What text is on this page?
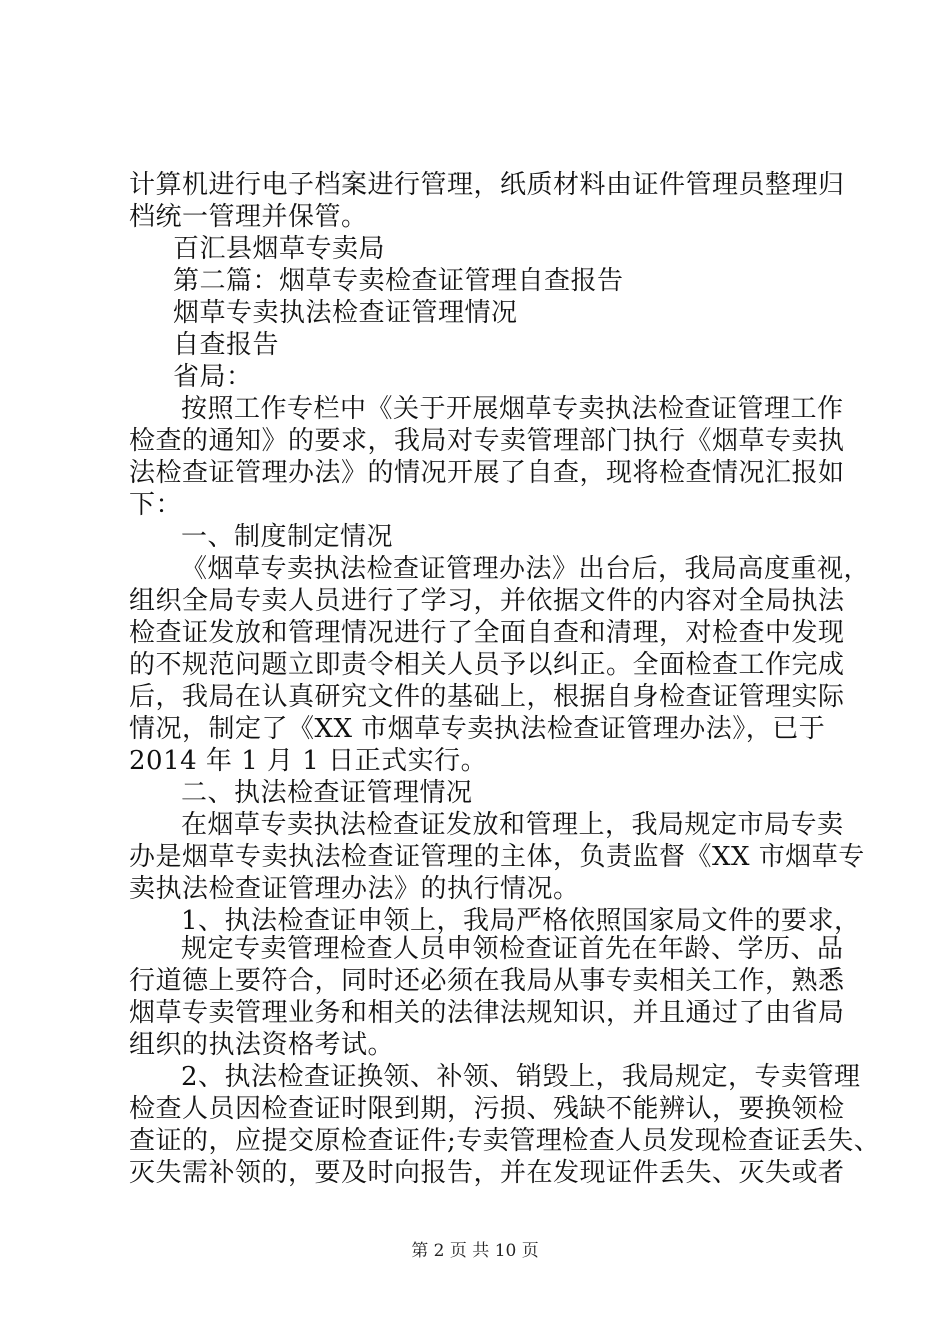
计算机进行电子档案进行管理，纸质材料由证件管理员整理归
档统一管理并保管。
百汇县烟草专卖局
第二篇：烟草专卖检查证管理自查报告
烟草专卖执法检查证管理情况
自查报告
省局：
按照工作专栏中《关于开展烟草专卖执法检查证管理工作
检查的通知》的要求，我局对专卖管理部门执行《烟草专卖执
法检查证管理办法》的情况开展了自查，现将检查情况汇报如
下：
一、制度制定情况
《烟草专卖执法检查证管理办法》出台后，我局高度重视，
组织全局专卖人员进行了学习，并依据文件的内容对全局执法
检查证发放和管理情况进行了全面自查和清理，对检查中发现
的不规范问题立即责令相关人员予以纠正。全面检查工作完成
后，我局在认真研究文件的基础上，根据自身检查证管理实际
情况，制定了《XX 市烟草专卖执法检查证管理办法》，已于
2014 年 1 月 1 日正式实行。
二、执法检查证管理情况
在烟草专卖执法检查证发放和管理上，我局规定市局专卖
办是烟草专卖执法检查证管理的主体，负责监督《XX 市烟草专
卖执法检查证管理办法》的执行情况。
1、执法检查证申领上，我局严格依照国家局文件的要求，
规定专卖管理检查人员申领检查证首先在年龄、学历、品
行道德上要符合，同时还必须在我局从事专卖相关工作，熟悉
烟草专卖管理业务和相关的法律法规知识，并且通过了由省局
组织的执法资格考试。
2、执法检查证换领、补领、销毁上，我局规定，专卖管理
检查人员因检查证时限到期，污损、残缺不能辨认，要换领检
查证的，应提交原检查证件;专卖管理检查人员发现检查证丢失、
灭失需补领的，要及时向报告，并在发现证件丢失、灭失或者
第 2 页 共 10 页
